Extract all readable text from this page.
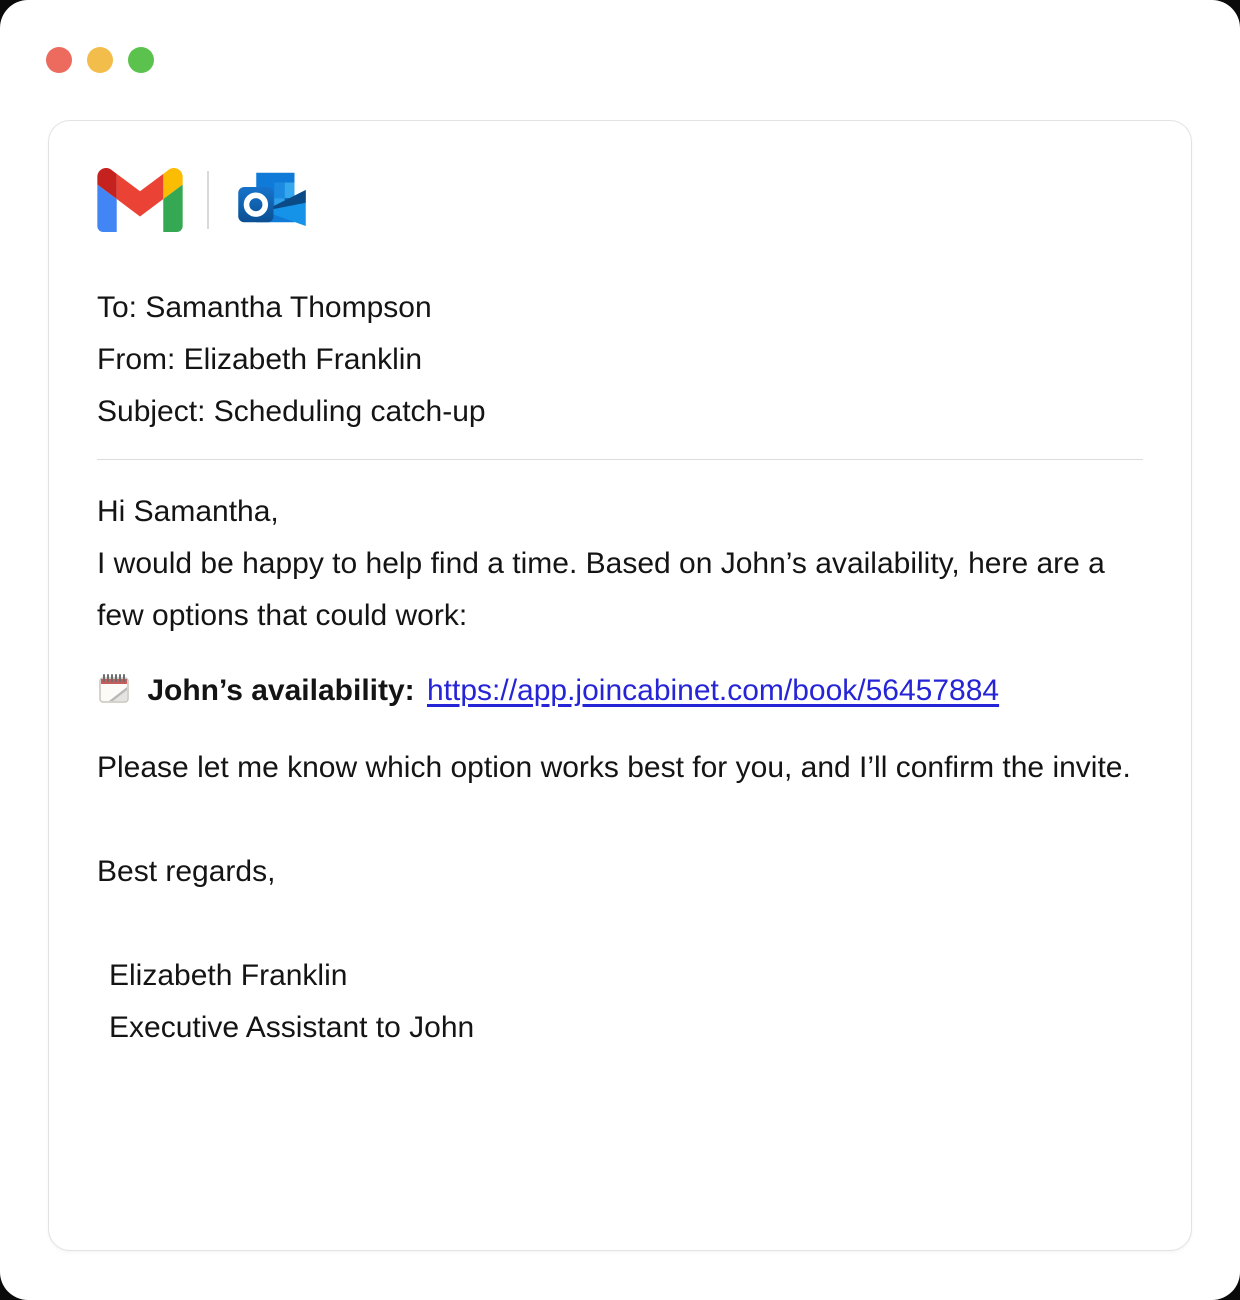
To: Samantha Thompson
From: Elizabeth Franklin
Subject: Scheduling catch-up

Hi Samantha,

I would be happy to help find a time. Based on John’s availability, here are a few options that could work:

John’s availability: https://app.joincabinet.com/book/56457884

Please let me know which option works best for you, and I’ll confirm the invite.

Best regards,

Elizabeth Franklin
Executive Assistant to John
